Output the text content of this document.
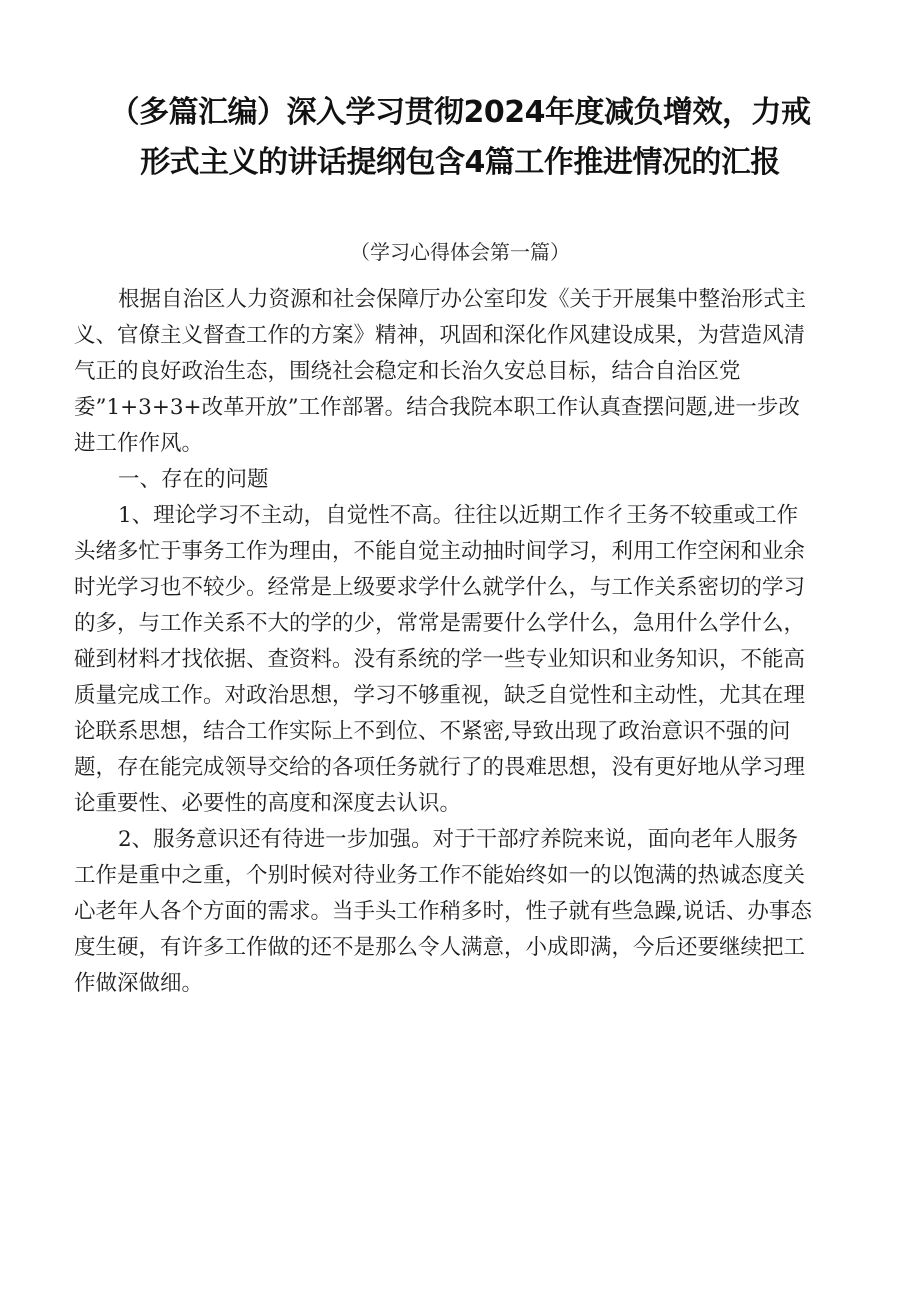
（多篇汇编）深入学习贯彻2024年度减负增效，力戒
形式主义的讲话提纲包含4篇工作推进情况的汇报
（学习心得体会第一篇）
根据自治区人力资源和社会保障厅办公室印发《关于开展集中整治形式主
义、官僚主义督查工作的方案》精神，巩固和深化作风建设成果，为营造风清
气正的良好政治生态，围绕社会稳定和长治久安总目标，结合自治区党
委”1+3+3+改革开放”工作部署。结合我院本职工作认真查摆问题,进一步改
进工作作风。
一、存在的问题
1、理论学习不主动，自觉性不高。往往以近期工作彳王务不较重或工作
头绪多忙于事务工作为理由，不能自觉主动抽时间学习，利用工作空闲和业余
时光学习也不较少。经常是上级要求学什么就学什么，与工作关系密切的学习
的多，与工作关系不大的学的少，常常是需要什么学什么，急用什么学什么，
碰到材料才找依据、查资料。没有系统的学一些专业知识和业务知识，不能高
质量完成工作。对政治思想，学习不够重视，缺乏自觉性和主动性，尤其在理
论联系思想，结合工作实际上不到位、不紧密,导致出现了政治意识不强的问
题，存在能完成领导交给的各项任务就行了的畏难思想，没有更好地从学习理
论重要性、必要性的高度和深度去认识。
2、服务意识还有待进一步加强。对于干部疗养院来说，面向老年人服务
工作是重中之重，个别时候对待业务工作不能始终如一的以饱满的热诚态度关
心老年人各个方面的需求。当手头工作稍多时，性子就有些急躁,说话、办事态
度生硬，有许多工作做的还不是那么令人满意，小成即满，今后还要继续把工
作做深做细。
